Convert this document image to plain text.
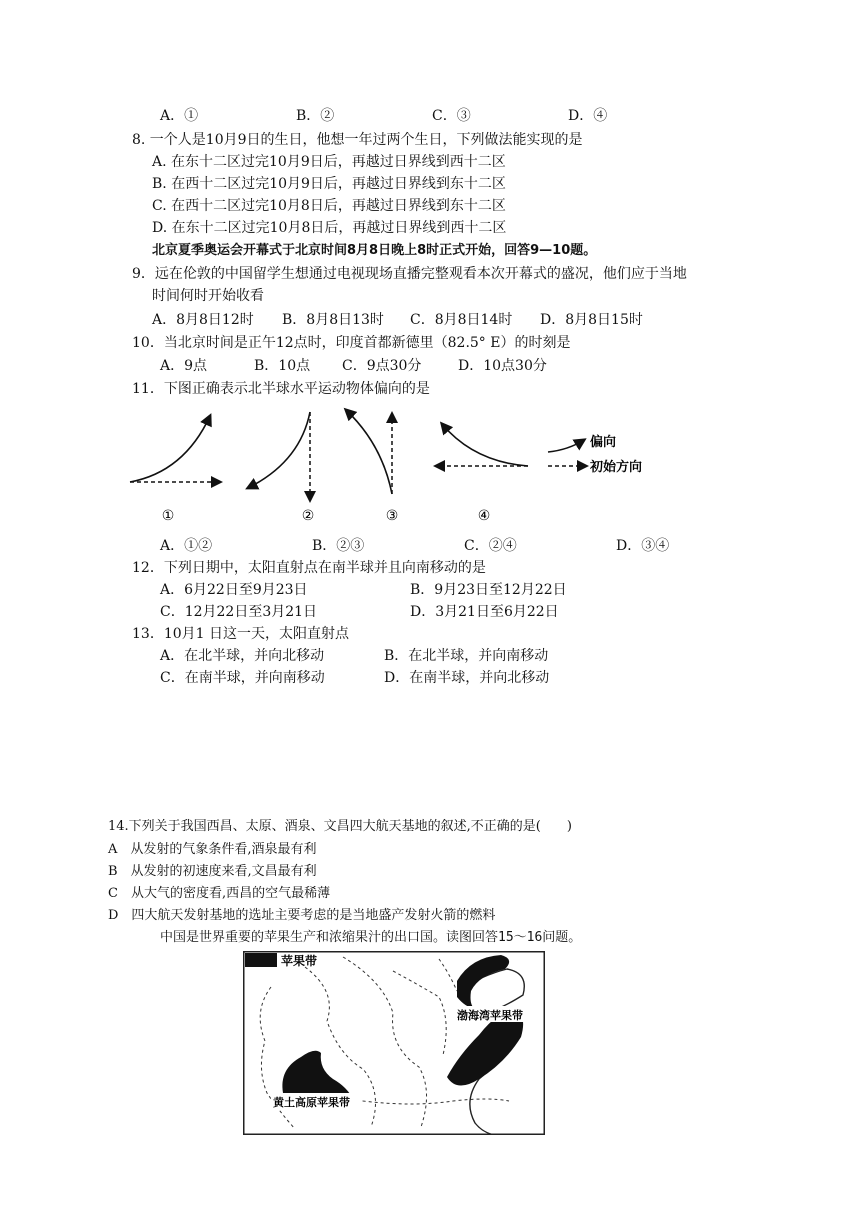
A．①	B．②	C．③	D．④
8. 一个人是10月9日的生日，他想一年过两个生日，下列做法能实现的是
A. 在东十二区过完10月9日后，再越过日界线到西十二区
B. 在西十二区过完10月9日后，再越过日界线到东十二区
C. 在西十二区过完10月8日后，再越过日界线到东十二区
D. 在东十二区过完10月8日后，再越过日界线到西十二区
北京夏季奥运会开幕式于北京时间8月8日晚上8时正式开始，回答9—10题。
9．远在伦敦的中国留学生想通过电视现场直播完整观看本次开幕式的盛况，他们应于当地
时间何时开始收看
A．8月8日12时 B．8月8日13时 C．8月8日14时 D．8月8日15时
10．当北京时间是正午12点时，印度首都新德里（82.5° E）的时刻是
A．9点	B．10点 C．9点30分	D．10点30分
11．下图正确表示北半球水平运动物体偏向的是
①	②	③	④
偏向
初始方向
A．①②	B．②③	C．②④	D．③④
12．下列日期中，太阳直射点在南半球并且向南移动的是
A．6月22日至9月23日	B．9月23日至12月22日
C．12月22日至3月21日	D．3月21日至6月22日
13．10月1 日这一天，太阳直射点
A．在北半球，并向北移动	B．在北半球，并向南移动
C．在南半球，并向南移动	D．在南半球，并向北移动
14.下列关于我国西昌、太原、酒泉、文昌四大航天基地的叙述,不正确的是(　　)
A　从发射的气象条件看,酒泉最有利
B　从发射的初速度来看,文昌最有利
C　从大气的密度看,西昌的空气最稀薄
D　四大航天发射基地的选址主要考虑的是当地盛产发射火箭的燃料
中国是世界重要的苹果生产和浓缩果汁的出口国。读图回答15～16问题。
苹果带
渤海湾苹果带
黄土高原苹果带
